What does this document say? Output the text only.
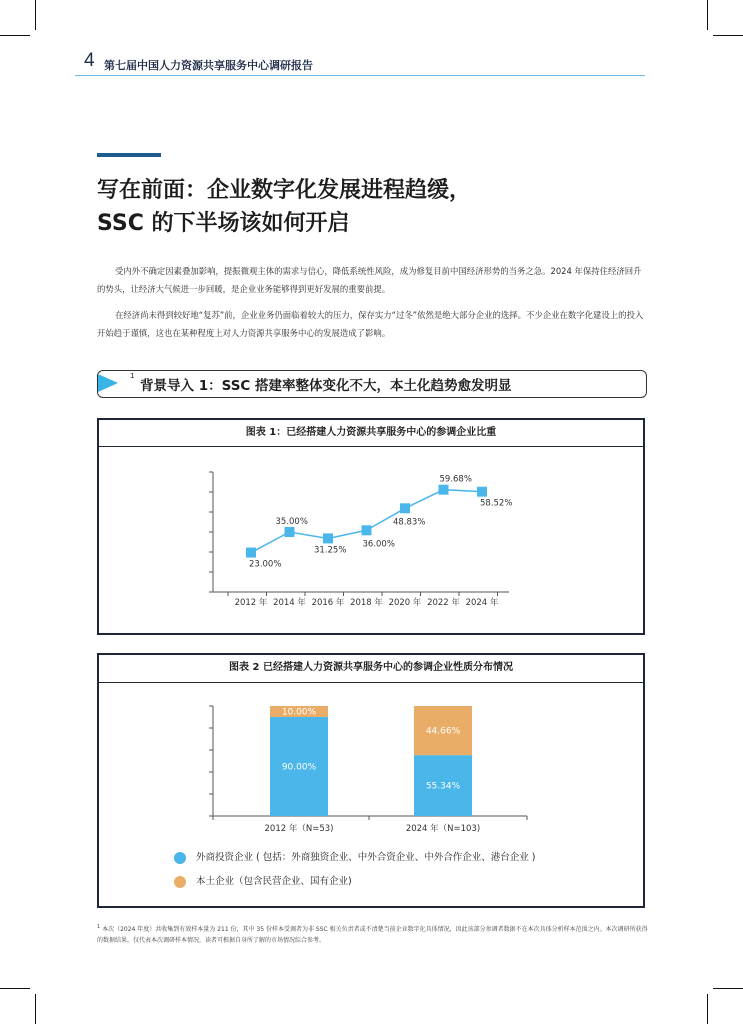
4 第七届中国人力资源共享服务中心调研报告
写在前面：企业数字化发展进程趋缓，
SSC 的下半场该如何开启
受内外不确定因素叠加影响，提振微观主体的需求与信心，降低系统性风险，成为修复目前中国经济形势的当务之急。2024 年保持住经济回升的势头，让经济大气候进一步回暖，是企业业务能够得到更好发展的重要前提。
在经济尚未得到较好地“复苏”前，企业业务仍面临着较大的压力，保存实力“过冬”依然是绝大部分企业的选择。不少企业在数字化建设上的投入开始趋于谨慎，这也在某种程度上对人力资源共享服务中心的发展造成了影响。
1
背景导入 1：SSC 搭建率整体变化不大，本土化趋势愈发明显
图表 1：已经搭建人力资源共享服务中心的参调企业比重
23.00%
35.00%
31.25%
36.00%
48.83%
59.68%
58.52%
2012 年 2014 年 2016 年 2018 年 2020 年 2022 年 2024 年
图表 2 已经搭建人力资源共享服务中心的参调企业性质分布情况
90.00%
10.00%
2012 年（N=53)
55.34%
44.66%
2024 年（N=103)
外商投资企业 ( 包括：外商独资企业、中外合资企业、中外合作企业、港台企业 )
本土企业（包含民营企业、国有企业)
$^1$ 本次（2024 年度）共收集到有效样本量为 211 份，其中 35 份样本受调者为非 SSC 相关负责者或不清楚当前企业数字化具体情况，因此该部分参调者数据不在本次具体分析样本范围之内。本次调研所获得的数据结果，仅代表本次调研样本情况，读者可根据自身所了解的市场情况综合参考。
